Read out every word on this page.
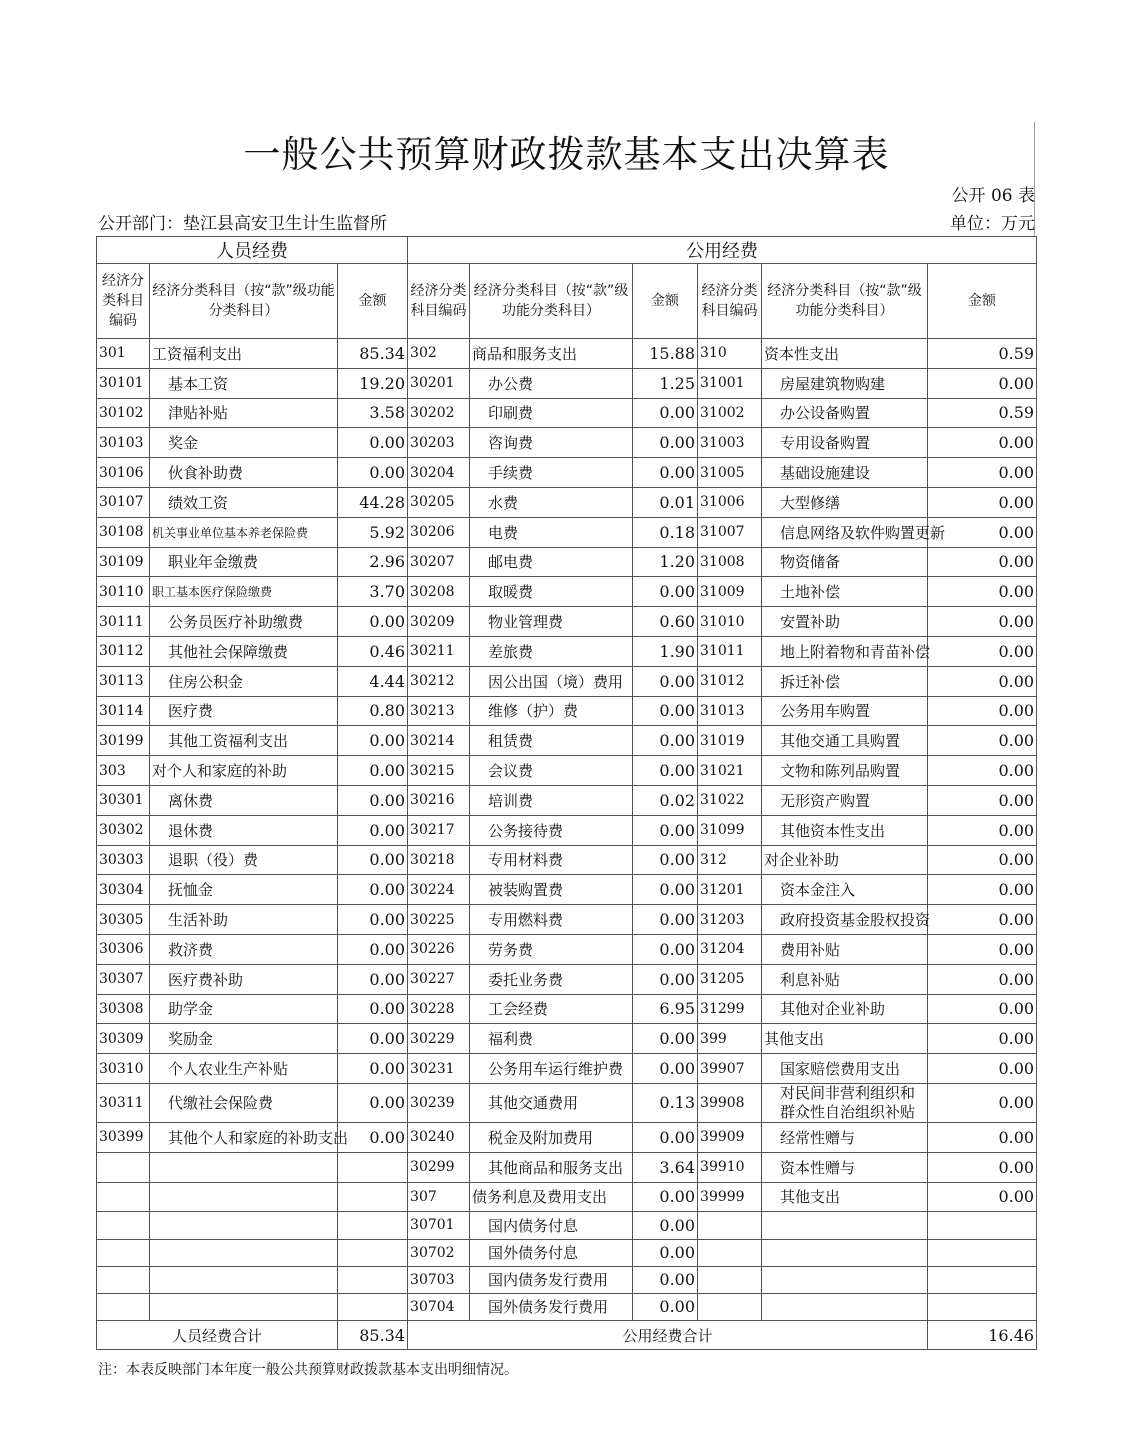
一般公共预算财政拨款基本支出决算表
公开 06 表
公开部门：垫江县高安卫生计生监督所	单位：万元
人员经费			公用经费					
经济分类科目编码	经济分类科目（按“款”级功能分类科目）	金额	经济分类科目编码	经济分类科目（按“款”级功能分类科目）	金额	经济分类科目编码	经济分类科目（按“款”级功能分类科目）	金额
301	工资福利支出	85.34	302	商品和服务支出	15.88	310	资本性支出	0.59
30101	基本工资	19.20	30201	办公费	1.25	31001	房屋建筑物购建	0.00
30102	津贴补贴	3.58	30202	印刷费	0.00	31002	办公设备购置	0.59
30103	奖金	0.00	30203	咨询费	0.00	31003	专用设备购置	0.00
30106	伙食补助费	0.00	30204	手续费	0.00	31005	基础设施建设	0.00
30107	绩效工资	44.28	30205	水费	0.01	31006	大型修缮	0.00
30108	机关事业单位基本养老保险费	5.92	30206	电费	0.18	31007	信息网络及软件购置更新	0.00
30109	职业年金缴费	2.96	30207	邮电费	1.20	31008	物资储备	0.00
30110	职工基本医疗保险缴费	3.70	30208	取暖费	0.00	31009	土地补偿	0.00
30111	公务员医疗补助缴费	0.00	30209	物业管理费	0.60	31010	安置补助	0.00
30112	其他社会保障缴费	0.46	30211	差旅费	1.90	31011	地上附着物和青苗补偿	0.00
30113	住房公积金	4.44	30212	因公出国（境）费用	0.00	31012	拆迁补偿	0.00
30114	医疗费	0.80	30213	维修（护）费	0.00	31013	公务用车购置	0.00
30199	其他工资福利支出	0.00	30214	租赁费	0.00	31019	其他交通工具购置	0.00
303	对个人和家庭的补助	0.00	30215	会议费	0.00	31021	文物和陈列品购置	0.00
30301	离休费	0.00	30216	培训费	0.02	31022	无形资产购置	0.00
30302	退休费	0.00	30217	公务接待费	0.00	31099	其他资本性支出	0.00
30303	退职（役）费	0.00	30218	专用材料费	0.00	312	对企业补助	0.00
30304	抚恤金	0.00	30224	被装购置费	0.00	31201	资本金注入	0.00
30305	生活补助	0.00	30225	专用燃料费	0.00	31203	政府投资基金股权投资	0.00
30306	救济费	0.00	30226	劳务费	0.00	31204	费用补贴	0.00
30307	医疗费补助	0.00	30227	委托业务费	0.00	31205	利息补贴	0.00
30308	助学金	0.00	30228	工会经费	6.95	31299	其他对企业补助	0.00
30309	奖励金	0.00	30229	福利费	0.00	399	其他支出	0.00
30310	个人农业生产补贴	0.00	30231	公务用车运行维护费	0.00	39907	国家赔偿费用支出	0.00
30311	代缴社会保险费	0.00	30239	其他交通费用	0.13	39908	对民间非营利组织和群众性自治组织补贴	0.00
30399	其他个人和家庭的补助支出	0.00	30240	税金及附加费用	0.00	39909	经常性赠与	0.00
			30299	其他商品和服务支出	3.64	39910	资本性赠与	0.00
			307	债务利息及费用支出	0.00	39999	其他支出	0.00
			30701	国内债务付息	0.00			
			30702	国外债务付息	0.00			
			30703	国内债务发行费用	0.00			
			30704	国外债务发行费用	0.00			
人员经费合计		85.34	公用经费合计					16.46
注：本表反映部门本年度一般公共预算财政拨款基本支出明细情况。
